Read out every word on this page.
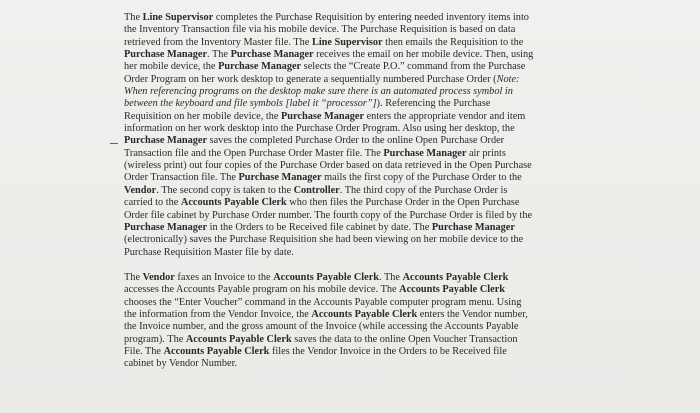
The Line Supervisor completes the Purchase Requisition by entering needed inventory items into
the Inventory Transaction file via his mobile device. The Purchase Requisition is based on data
retrieved from the Inventory Master file. The Line Supervisor then emails the Requisition to the
Purchase Manager. The Purchase Manager receives the email on her mobile device. Then, using
her mobile device, the Purchase Manager selects the “Create P.O.” command from the Purchase
Order Program on her work desktop to generate a sequentially numbered Purchase Order (Note:
When referencing programs on the desktop make sure there is an automated process symbol in
between the keyboard and file symbols [label it “processor”]). Referencing the Purchase
Requisition on her mobile device, the Purchase Manager enters the appropriate vendor and item
information on her work desktop into the Purchase Order Program. Also using her desktop, the
Purchase Manager saves the completed Purchase Order to the online Open Purchase Order
Transaction file and the Open Purchase Order Master file. The Purchase Manager air prints
(wireless print) out four copies of the Purchase Order based on data retrieved in the Open Purchase
Order Transaction file. The Purchase Manager mails the first copy of the Purchase Order to the
Vendor. The second copy is taken to the Controller. The third copy of the Purchase Order is
carried to the Accounts Payable Clerk who then files the Purchase Order in the Open Purchase
Order file cabinet by Purchase Order number. The fourth copy of the Purchase Order is filed by the
Purchase Manager in the Orders to be Received file cabinet by date. The Purchase Manager
(electronically) saves the Purchase Requisition she had been viewing on her mobile device to the
Purchase Requisition Master file by date.
The Vendor faxes an Invoice to the Accounts Payable Clerk. The Accounts Payable Clerk
accesses the Accounts Payable program on his mobile device. The Accounts Payable Clerk
chooses the “Enter Voucher” command in the Accounts Payable computer program menu. Using
the information from the Vendor Invoice, the Accounts Payable Clerk enters the Vendor number,
the Invoice number, and the gross amount of the Invoice (while accessing the Accounts Payable
program). The Accounts Payable Clerk saves the data to the online Open Voucher Transaction
File. The Accounts Payable Clerk files the Vendor Invoice in the Orders to be Received file
cabinet by Vendor Number.
